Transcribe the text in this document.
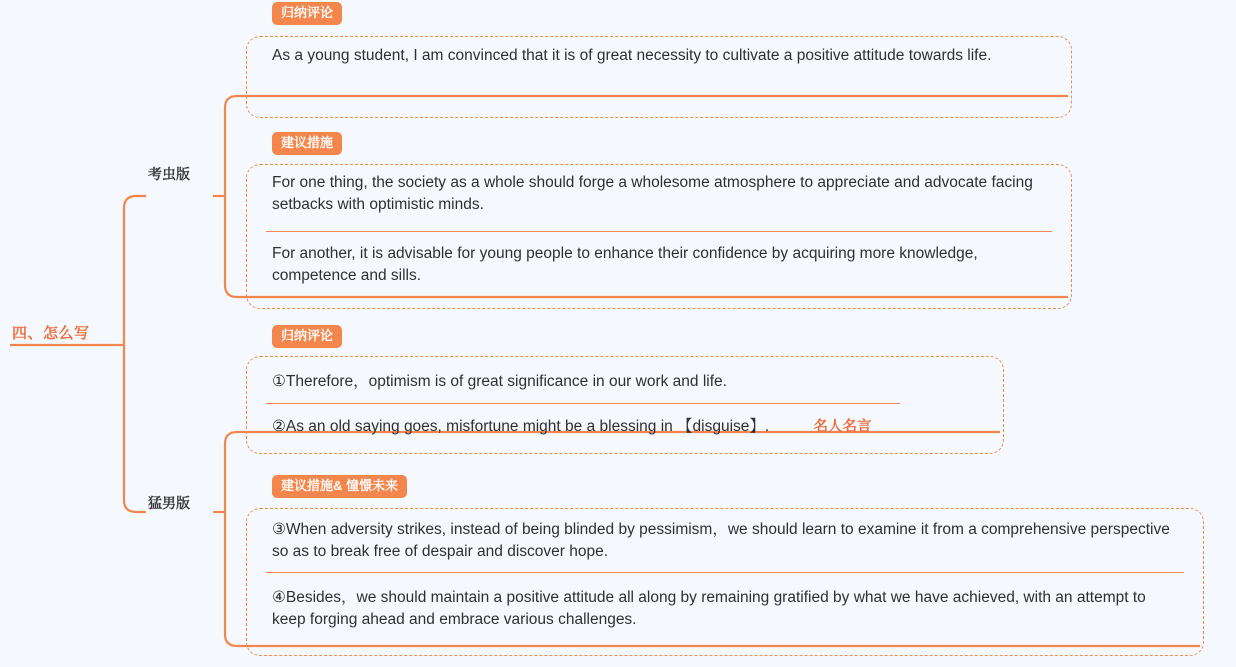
四、怎么写
考虫版
猛男版
归纳评论
As a young student, I am convinced that it is of great necessity to cultivate a positive attitude towards life.
建议措施
For one thing, the society as a whole should forge a wholesome atmosphere to appreciate and advocate facing setbacks with optimistic minds.
For another, it is advisable for young people to enhance their confidence by acquiring more knowledge, competence and sills.
归纳评论
①Therefore，optimism is of great significance in our work and life.
②As an old saying goes, misfortune might be a blessing in 【disguise】.	名人名言
建议措施& 憧憬未来
③When adversity strikes, instead of being blinded by pessimism，we should learn to examine it from a comprehensive perspective so as to break free of despair and discover hope.
④Besides，we should maintain a positive attitude all along by remaining gratified by what we have achieved, with an attempt to keep forging ahead and embrace various challenges.
